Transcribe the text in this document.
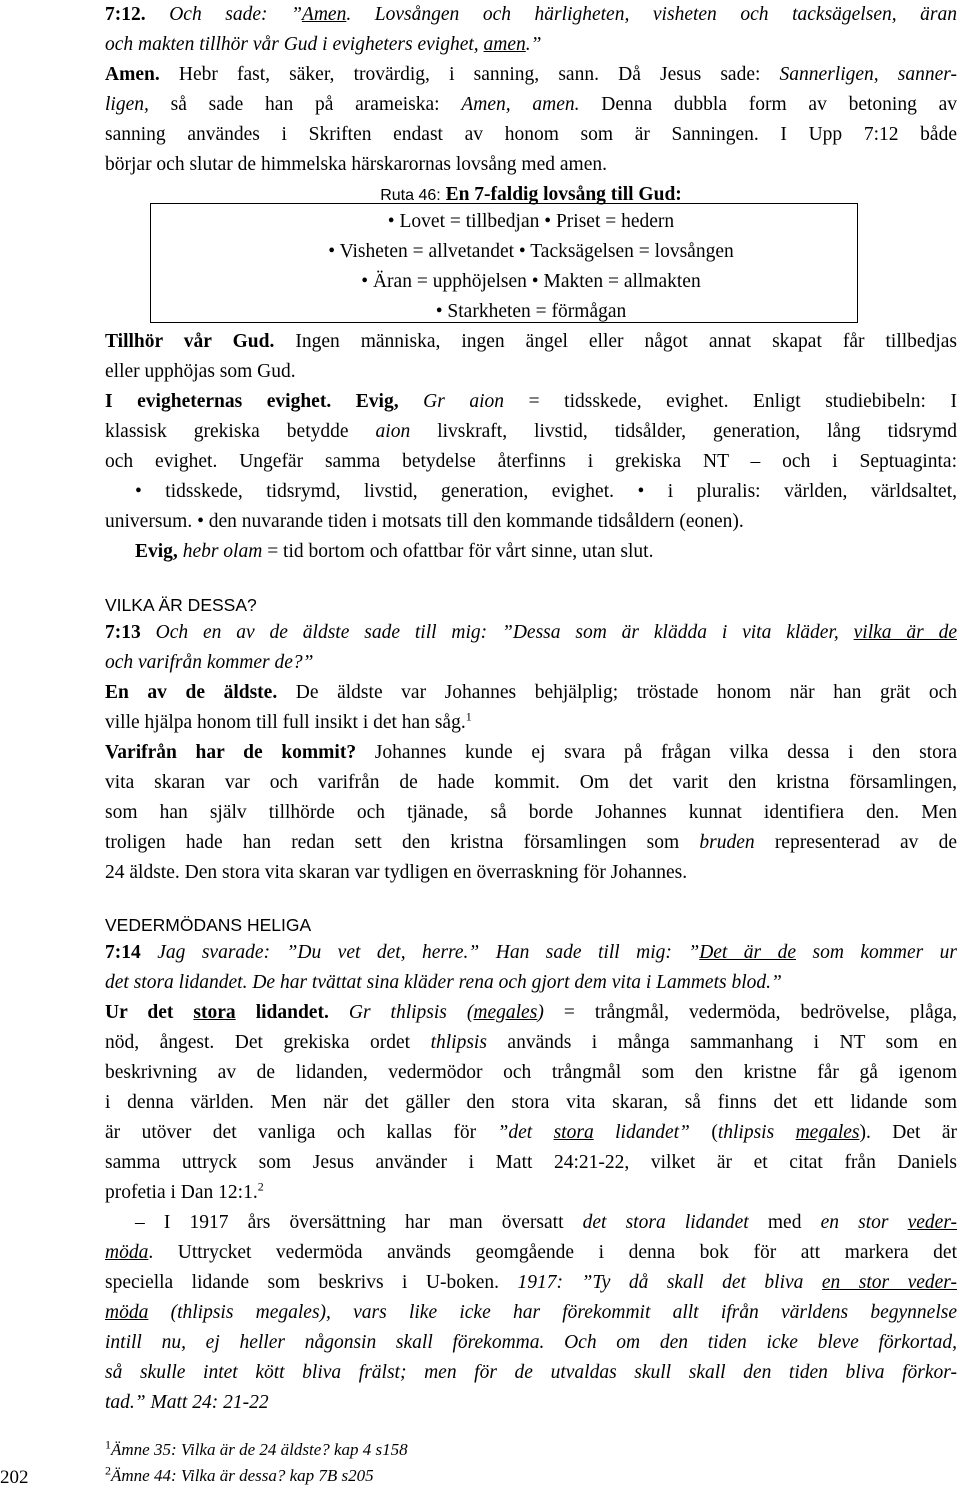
202
7:12. Och sade: ”Amen. Lovsången och härligheten, visheten och tacksägelsen, äran
och makten tillhör vår Gud i evigheters evighet, amen.”
Amen. Hebr fast, säker, trovärdig, i sanning, sann. Då Jesus sade: Sannerligen, sanner-
ligen, så sade han på arameiska: Amen, amen. Denna dubbla form av betoning av
sanning användes i Skriften endast av honom som är Sanningen. I Upp 7:12 både
börjar och slutar de himmelska härskarornas lovsång med amen.
Ruta 46: En 7-faldig lovsång till Gud:
• Lovet = tillbedjan • Priset = hedern
• Visheten = allvetandet • Tacksägelsen = lovsången
• Äran = upphöjelsen • Makten = allmakten
• Starkheten = förmågan
Tillhör vår Gud. Ingen människa, ingen ängel eller något annat skapat får tillbedjas
eller upphöjas som Gud.
I evigheternas evighet. Evig, Gr aion = tidsskede, evighet. Enligt studiebibeln: I
klassisk grekiska betydde aion livskraft, livstid, tidsålder, generation, lång tidsrymd
och evighet. Ungefär samma betydelse återfinns i grekiska NT – och i Septuaginta:
• tidsskede, tidsrymd, livstid, generation, evighet. • i pluralis: världen, världsaltet,
universum. • den nuvarande tiden i motsats till den kommande tidsåldern (eonen).
Evig, hebr olam = tid bortom och ofattbar för vårt sinne, utan slut.
VILKA ÄR DESSA?
7:13 Och en av de äldste sade till mig: ”Dessa som är klädda i vita kläder, vilka är de
och varifrån kommer de?”
En av de äldste. De äldste var Johannes behjälplig; tröstade honom när han grät och
ville hjälpa honom till full insikt i det han såg.$^1$
Varifrån har de kommit? Johannes kunde ej svara på frågan vilka dessa i den stora
vita skaran var och varifrån de hade kommit. Om det varit den kristna församlingen,
som han själv tillhörde och tjänade, så borde Johannes kunnat identifiera den. Men
troligen hade han redan sett den kristna församlingen som bruden representerad av de
24 äldste. Den stora vita skaran var tydligen en överraskning för Johannes.
VEDERMÖDANS HELIGA
7:14 Jag svarade: ”Du vet det, herre.” Han sade till mig: ”Det är de som kommer ur
det stora lidandet. De har tvättat sina kläder rena och gjort dem vita i Lammets blod.”
Ur det stora lidandet. Gr thlipsis (megales) = trångmål, vedermöda, bedrövelse, plåga,
nöd, ångest. Det grekiska ordet thlipsis används i många sammanhang i NT som en
beskrivning av de lidanden, vedermödor och trångmål som den kristne får gå igenom
i denna världen. Men när det gäller den stora vita skaran, så finns det ett lidande som
är utöver det vanliga och kallas för ”det stora lidandet” (thlipsis megales). Det är
samma uttryck som Jesus använder i Matt 24:21-22, vilket är et citat från Daniels
profetia i Dan 12:1.$^2$
– I 1917 års översättning har man översatt det stora lidandet med en stor veder-
möda. Uttrycket vedermöda används geomgående i denna bok för att markera det
speciella lidande som beskrivs i U-boken. 1917: ”Ty då skall det bliva en stor veder-
möda (thlipsis megales), vars like icke har förekommit allt ifrån världens begynnelse
intill nu, ej heller någonsin skall förekomma. Och om den tiden icke bleve förkortad,
så skulle intet kött bliva frälst; men för de utvaldas skull skall den tiden bliva förkor-
tad.” Matt 24: 21-22
$^1$Ämne 35: Vilka är de 24 äldste? kap 4 s158
$^2$Ämne 44: Vilka är dessa? kap 7B s205
